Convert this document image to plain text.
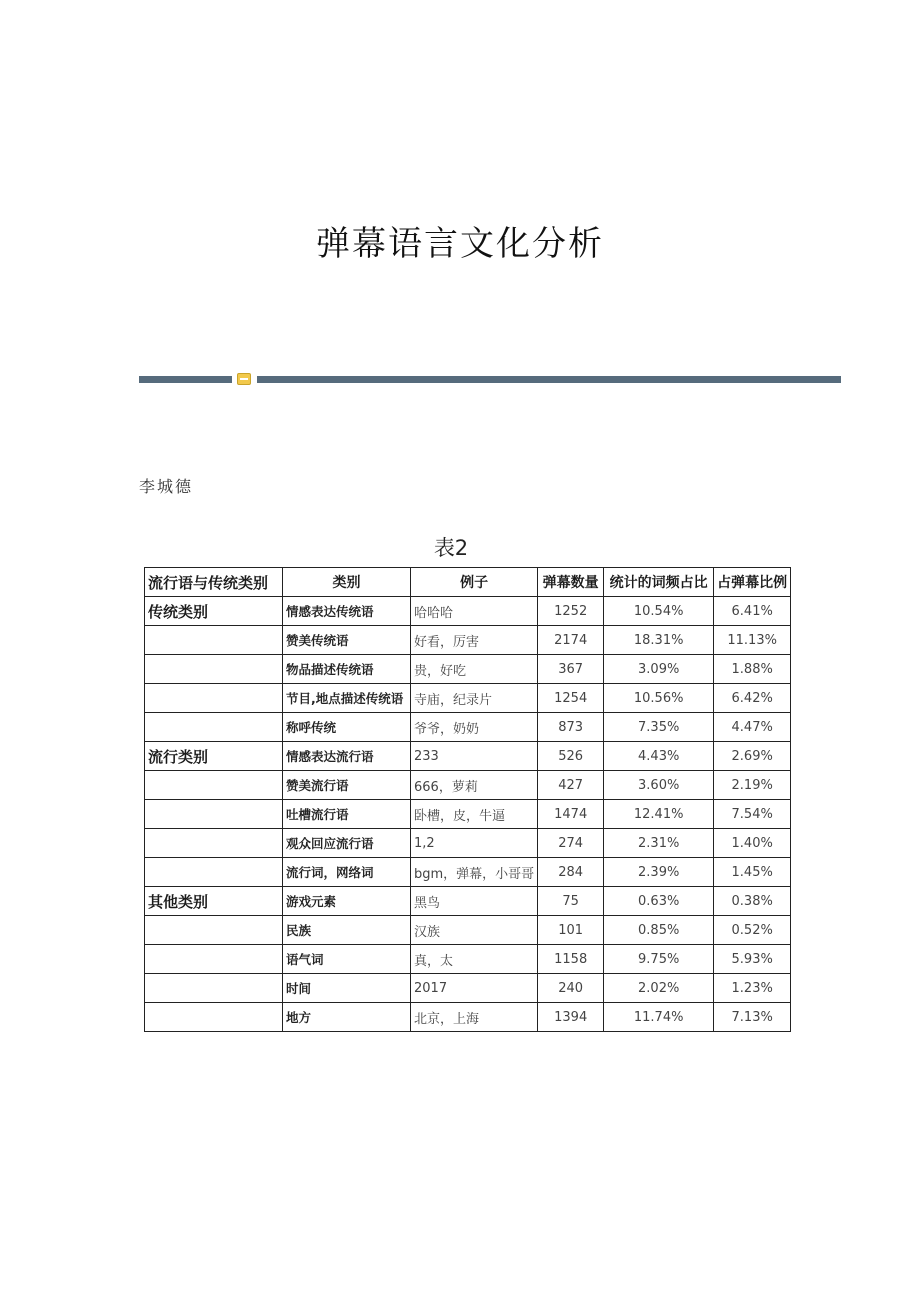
弹幕语言文化分析
李城德
表2
流行语与传统类别	类别	例子	弹幕数量	统计的词频占比	占弹幕比例
传统类别	情感表达传统语	哈哈哈	1252	10.54%	6.41%
	赞美传统语	好看，厉害	2174	18.31%	11.13%
	物品描述传统语	贵，好吃	367	3.09%	1.88%
	节目,地点描述传统语	寺庙，纪录片	1254	10.56%	6.42%
	称呼传统	爷爷，奶奶	873	7.35%	4.47%
流行类别	情感表达流行语	233	526	4.43%	2.69%
	赞美流行语	666，萝莉	427	3.60%	2.19%
	吐槽流行语	卧槽，皮，牛逼	1474	12.41%	7.54%
	观众回应流行语	1,2	274	2.31%	1.40%
	流行词，网络词	bgm，弹幕，小哥哥	284	2.39%	1.45%
其他类别	游戏元素	黑鸟	75	0.63%	0.38%
	民族	汉族	101	0.85%	0.52%
	语气词	真，太	1158	9.75%	5.93%
	时间	2017	240	2.02%	1.23%
	地方	北京，上海	1394	11.74%	7.13%
